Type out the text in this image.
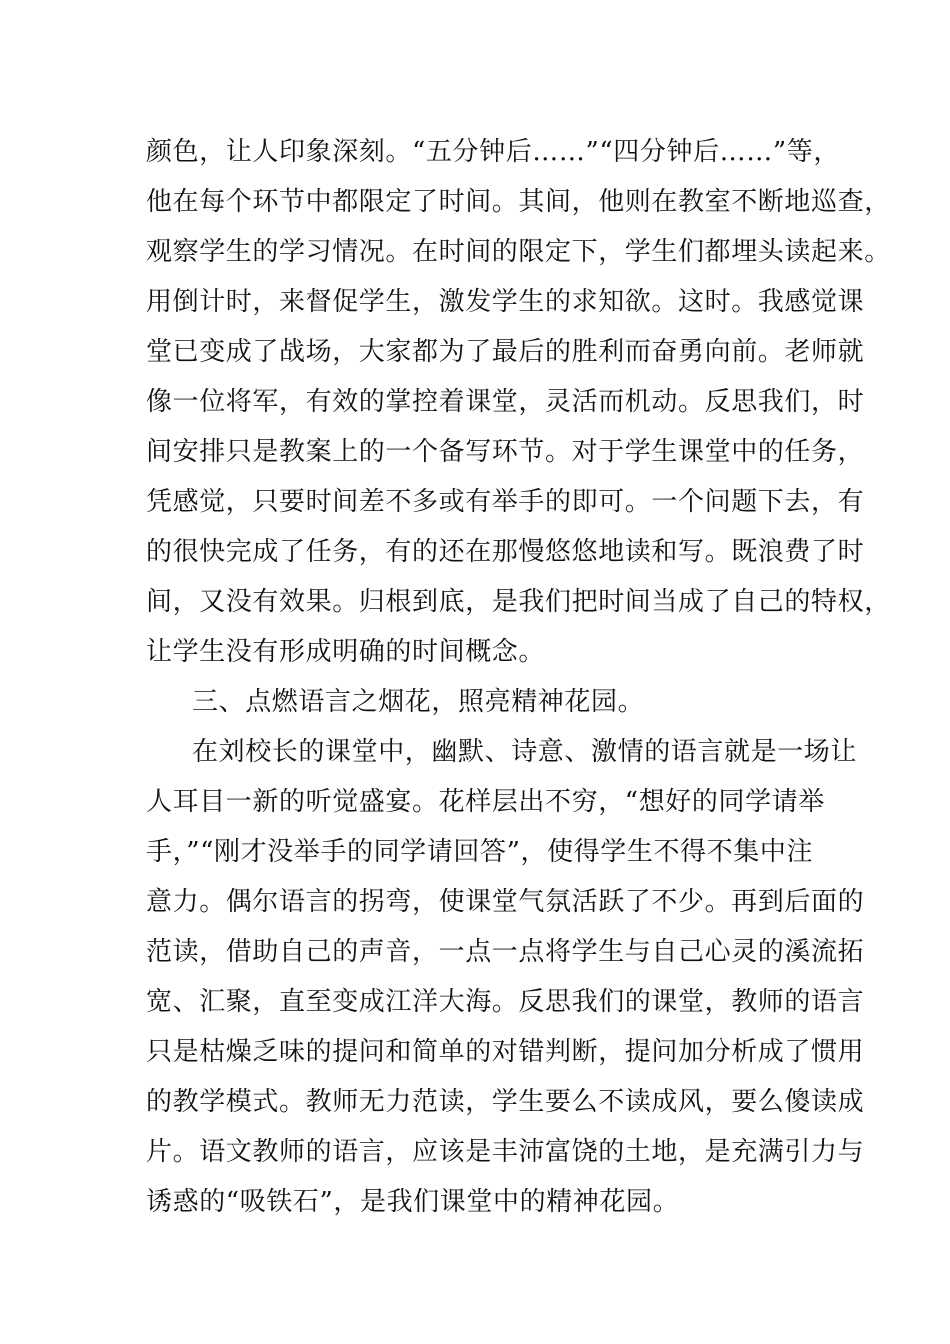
颜色，让人印象深刻。“五分钟后……”“四分钟后……”等，
他在每个环节中都限定了时间。其间，他则在教室不断地巡查，
观察学生的学习情况。在时间的限定下，学生们都埋头读起来。
用倒计时，来督促学生，激发学生的求知欲。这时。我感觉课
堂已变成了战场，大家都为了最后的胜利而奋勇向前。老师就
像一位将军，有效的掌控着课堂，灵活而机动。反思我们，时
间安排只是教案上的一个备写环节。对于学生课堂中的任务，
凭感觉，只要时间差不多或有举手的即可。一个问题下去，有
的很快完成了任务，有的还在那慢悠悠地读和写。既浪费了时
间，又没有效果。归根到底，是我们把时间当成了自己的特权，
让学生没有形成明确的时间概念。
三、点燃语言之烟花，照亮精神花园。
在刘校长的课堂中，幽默、诗意、激情的语言就是一场让
人耳目一新的听觉盛宴。花样层出不穷，“想好的同学请举
手，”“刚才没举手的同学请回答”，使得学生不得不集中注
意力。偶尔语言的拐弯，使课堂气氛活跃了不少。再到后面的
范读，借助自己的声音，一点一点将学生与自己心灵的溪流拓
宽、汇聚，直至变成江洋大海。反思我们的课堂，教师的语言
只是枯燥乏味的提问和简单的对错判断，提问加分析成了惯用
的教学模式。教师无力范读，学生要么不读成风，要么傻读成
片。语文教师的语言，应该是丰沛富饶的土地，是充满引力与
诱惑的“吸铁石”，是我们课堂中的精神花园。
